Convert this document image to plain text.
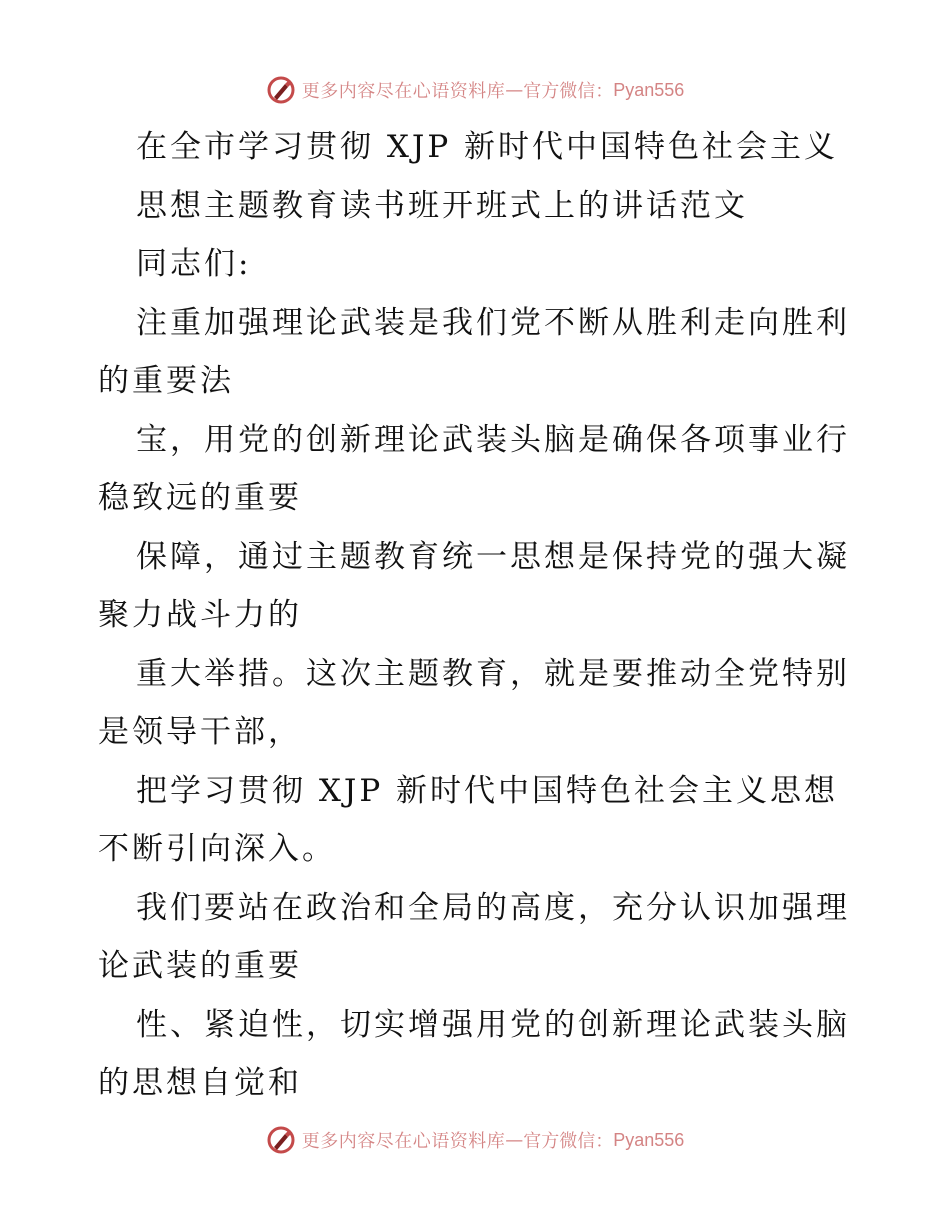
更多内容尽在心语资料库 — 官方微信： Pyan556
在全市学习贯彻 XJP 新时代中国特色社会主义
思想主题教育读书班开班式上的讲话范文
同志们:
注重加强理论武装是我们党不断从胜利走向胜利
的重要法
宝，用党的创新理论武装头脑是确保各项事业行
稳致远的重要
保障，通过主题教育统一思想是保持党的强大凝
聚力战斗力的
重大举措。这次主题教育，就是要推动全党特别
是领导干部，
把学习贯彻 XJP 新时代中国特色社会主义思想
不断引向深入。
我们要站在政治和全局的高度，充分认识加强理
论武装的重要
性、紧迫性，切实增强用党的创新理论武装头脑
的思想自觉和
更多内容尽在心语资料库 — 官方微信： Pyan556
